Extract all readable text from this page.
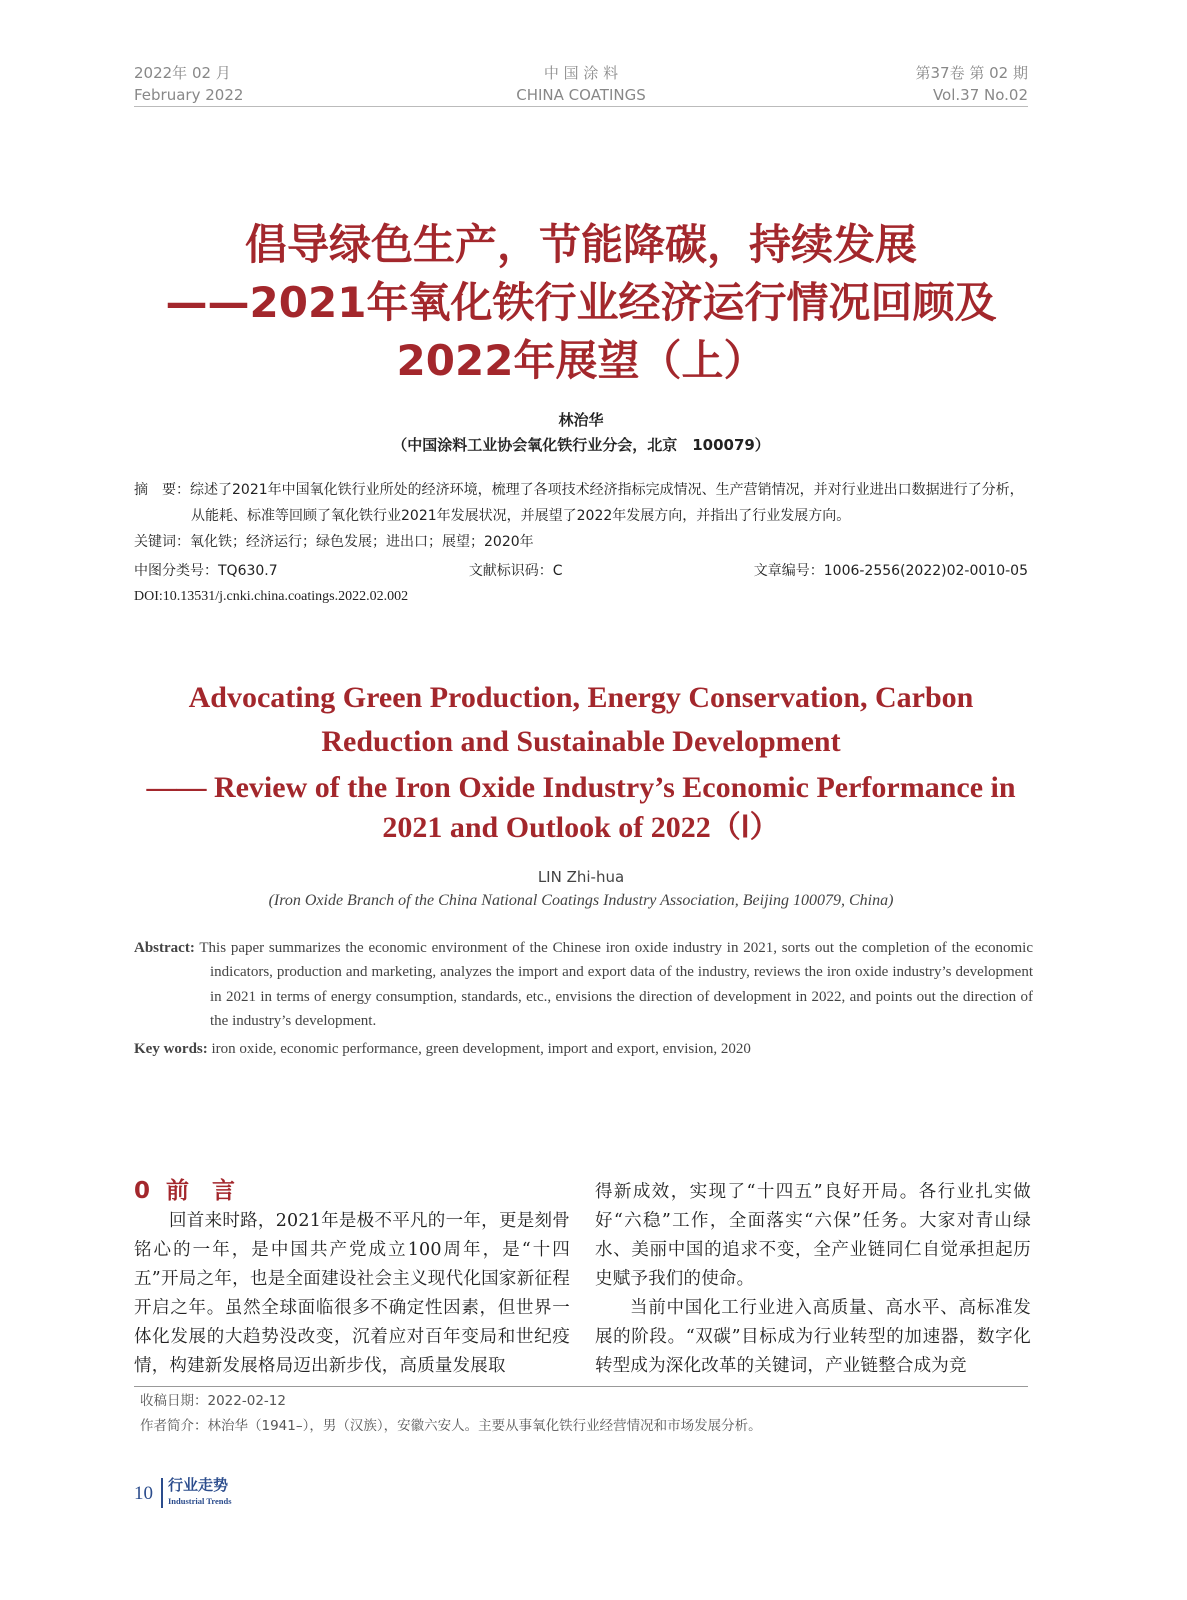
2022年 02 月
February 2022
中 国 涂 料
CHINA COATINGS
第37卷 第 02 期
Vol.37 No.02
倡导绿色生产，节能降碳，持续发展
——2021年氧化铁行业经济运行情况回顾及
2022年展望（上）
林治华
（中国涂料工业协会氧化铁行业分会，北京　100079）
摘　要：综述了2021年中国氧化铁行业所处的经济环境，梳理了各项技术经济指标完成情况、生产营销情况，并对行业进出口数据进行了分析，从能耗、标准等回顾了氧化铁行业2021年发展状况，并展望了2022年发展方向，并指出了行业发展方向。
关键词：氧化铁；经济运行；绿色发展；进出口；展望；2020年
中图分类号：TQ630.7	文献标识码：C	文章编号：1006-2556(2022)02-0010-05
DOI:10.13531/j.cnki.china.coatings.2022.02.002
Advocating Green Production, Energy Conservation, Carbon
Reduction and Sustainable Development
—— Review of the Iron Oxide Industry’s Economic Performance in
2021 and Outlook of 2022（Ⅰ）
LIN Zhi-hua
(Iron Oxide Branch of the China National Coatings Industry Association, Beijing 100079, China)
Abstract: This paper summarizes the economic environment of the Chinese iron oxide industry in 2021, sorts out the completion of the economic indicators, production and marketing, analyzes the import and export data of the industry, reviews the iron oxide industry’s development in 2021 in terms of energy consumption, standards, etc., envisions the direction of development in 2022, and points out the direction of the industry’s development.
Key words: iron oxide, economic performance, green development, import and export, envision, 2020
0 前　言

回首来时路，2021年是极不平凡的一年，更是刻骨铭心的一年，是中国共产党成立100周年，是“十四五”开局之年，也是全面建设社会主义现代化国家新征程开启之年。虽然全球面临很多不确定性因素，但世界一体化发展的大趋势没改变，沉着应对百年变局和世纪疫情，构建新发展格局迈出新步伐，高质量发展取

得新成效，实现了“十四五”良好开局。各行业扎实做好“六稳”工作，全面落实“六保”任务。大家对青山绿水、美丽中国的追求不变，全产业链同仁自觉承担起历史赋予我们的使命。

当前中国化工行业进入高质量、高水平、高标准发展的阶段。“双碳”目标成为行业转型的加速器，数字化转型成为深化改革的关键词，产业链整合成为竞

收稿日期：2022-02-12
作者简介：林治华（1941–），男（汉族），安徽六安人。主要从事氧化铁行业经营情况和市场发展分析。
10 行业走势
Industrial Trends
